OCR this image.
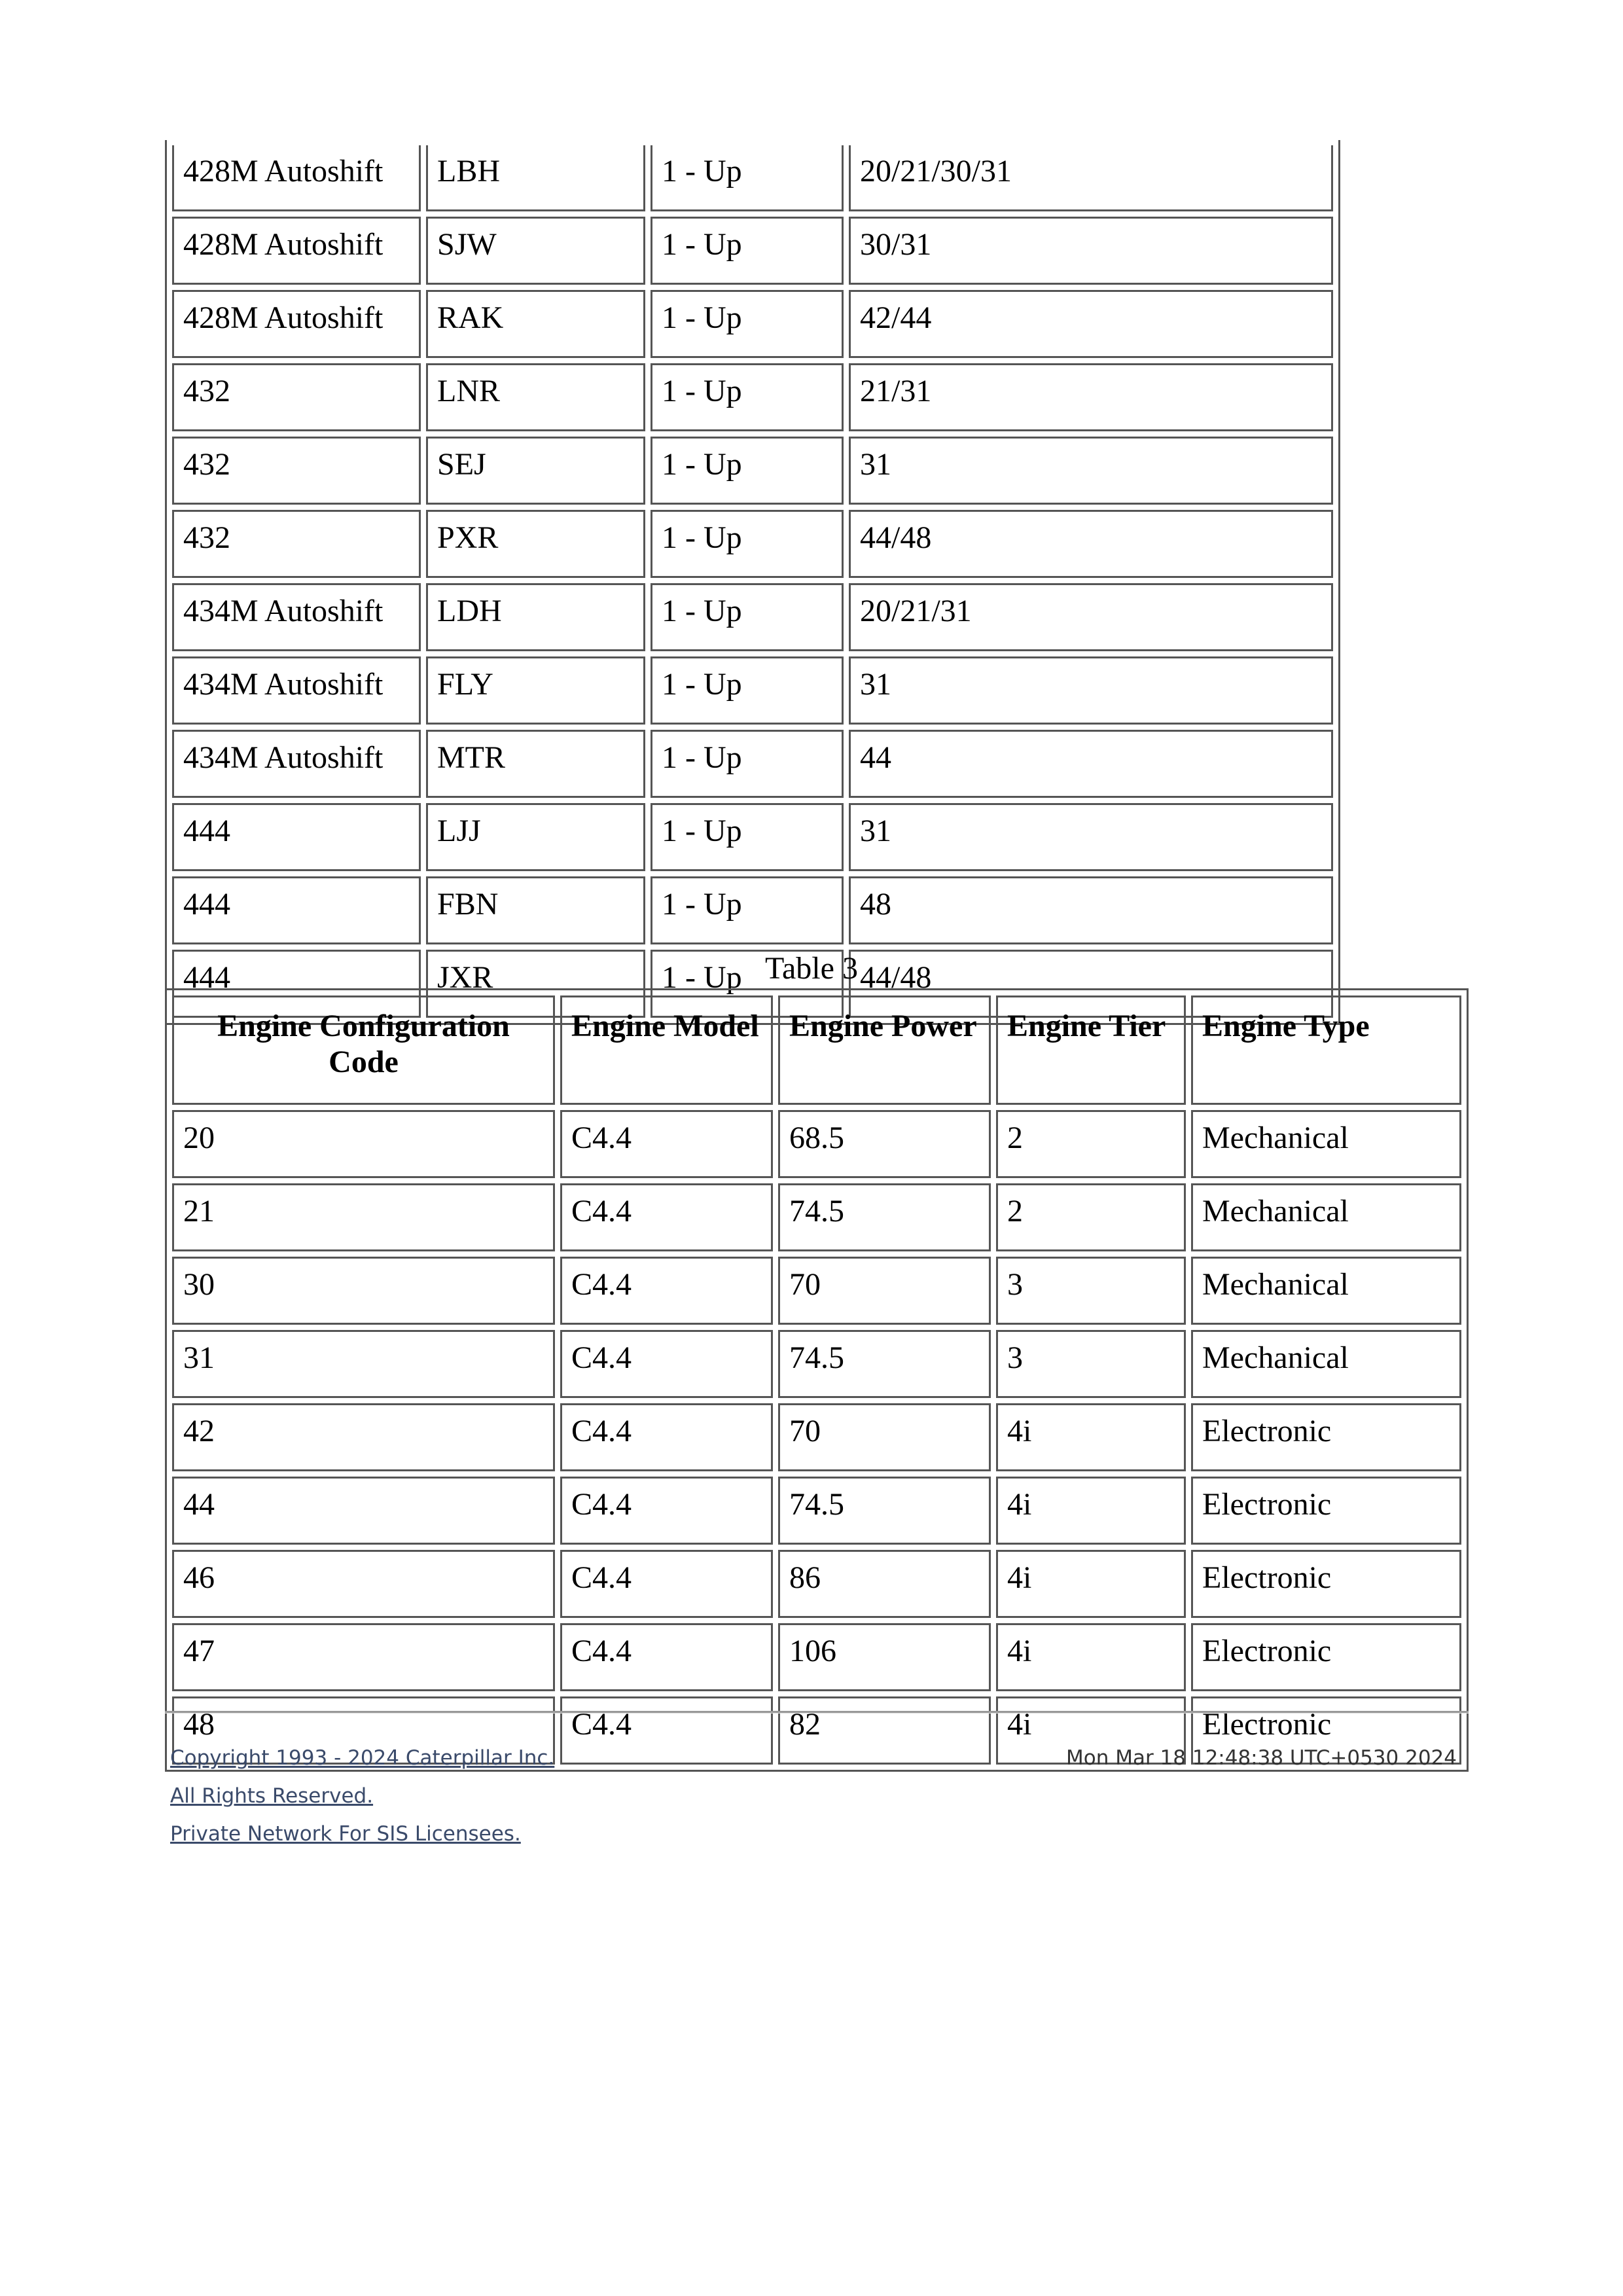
428M Autoshift	LBH	1 - Up	20/21/30/31
428M Autoshift	SJW	1 - Up	30/31
428M Autoshift	RAK	1 - Up	42/44
432	LNR	1 - Up	21/31
432	SEJ	1 - Up	31
432	PXR	1 - Up	44/48
434M Autoshift	LDH	1 - Up	20/21/31
434M Autoshift	FLY	1 - Up	31
434M Autoshift	MTR	1 - Up	44
444	LJJ	1 - Up	31
444	FBN	1 - Up	48
444	JXR	1 - Up	44/48
Table 3
Engine Configuration Code	Engine Model	Engine Power	Engine Tier	Engine Type
20	C4.4	68.5	2	Mechanical
21	C4.4	74.5	2	Mechanical
30	C4.4	70	3	Mechanical
31	C4.4	74.5	3	Mechanical
42	C4.4	70	4i	Electronic
44	C4.4	74.5	4i	Electronic
46	C4.4	86	4i	Electronic
47	C4.4	106	4i	Electronic
48	C4.4	82	4i	Electronic
Copyright 1993 - 2024 Caterpillar Inc.
All Rights Reserved.
Private Network For SIS Licensees.
Mon Mar 18 12:48:38 UTC+0530 2024
